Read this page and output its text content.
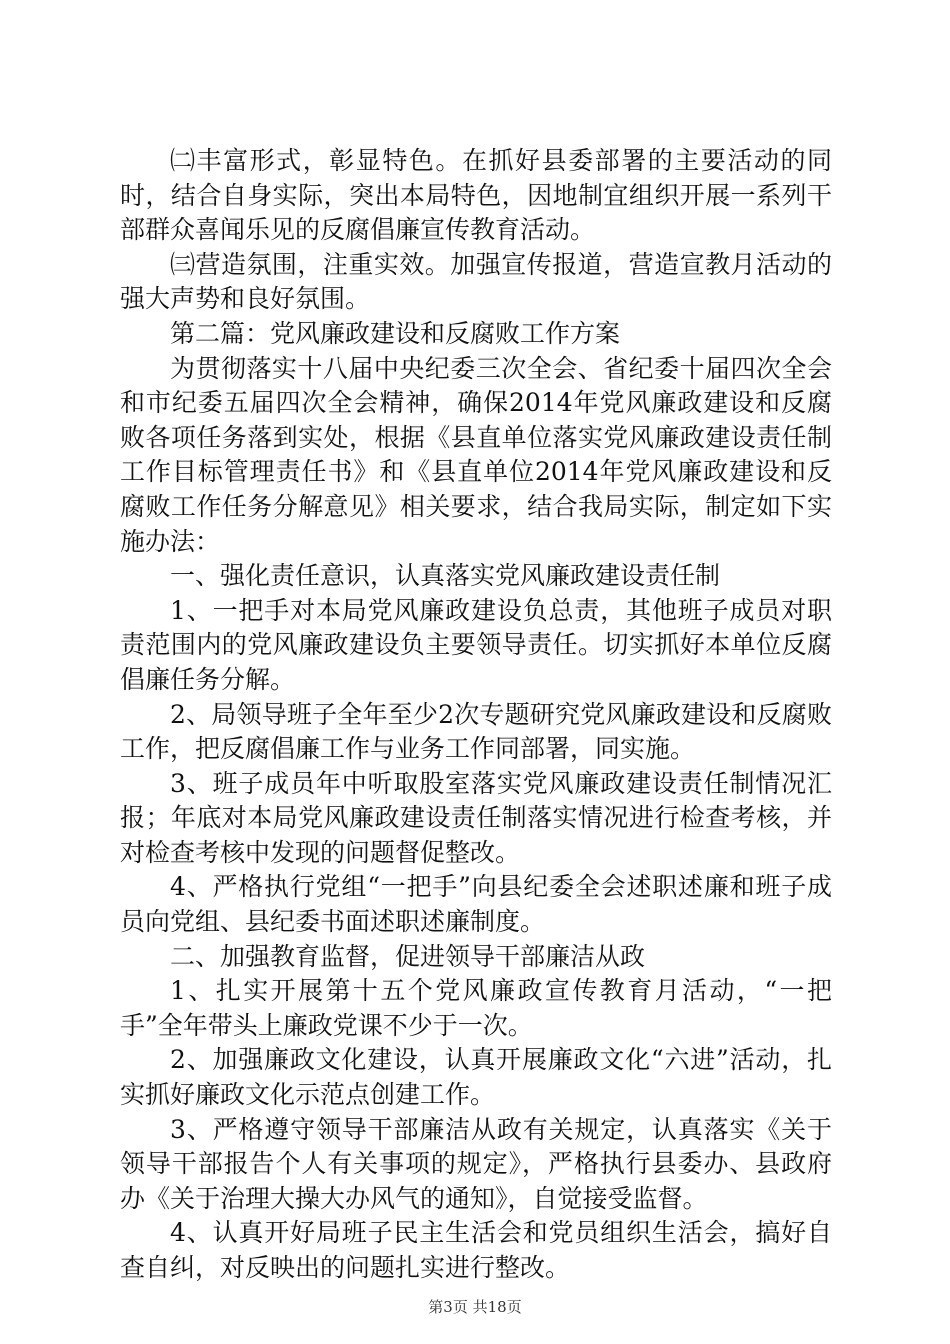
㈡丰富形式，彰显特色。在抓好县委部署的主要活动的同时，结合自身实际，突出本局特色，因地制宜组织开展一系列干部群众喜闻乐见的反腐倡廉宣传教育活动。

㈢营造氛围，注重实效。加强宣传报道，营造宣教月活动的强大声势和良好氛围。

第二篇：党风廉政建设和反腐败工作方案

为贯彻落实十八届中央纪委三次全会、省纪委十届四次全会和市纪委五届四次全会精神，确保2014年党风廉政建设和反腐败各项任务落到实处，根据《县直单位落实党风廉政建设责任制工作目标管理责任书》和《县直单位2014年党风廉政建设和反腐败工作任务分解意见》相关要求，结合我局实际，制定如下实施办法：

一、强化责任意识，认真落实党风廉政建设责任制

1、一把手对本局党风廉政建设负总责，其他班子成员对职责范围内的党风廉政建设负主要领导责任。切实抓好本单位反腐倡廉任务分解。

2、局领导班子全年至少2次专题研究党风廉政建设和反腐败工作，把反腐倡廉工作与业务工作同部署，同实施。

3、班子成员年中听取股室落实党风廉政建设责任制情况汇报；年底对本局党风廉政建设责任制落实情况进行检查考核，并对检查考核中发现的问题督促整改。

4、严格执行党组“一把手”向县纪委全会述职述廉和班子成员向党组、县纪委书面述职述廉制度。

二、加强教育监督，促进领导干部廉洁从政

1、扎实开展第十五个党风廉政宣传教育月活动，“一把手”全年带头上廉政党课不少于一次。

2、加强廉政文化建设，认真开展廉政文化“六进”活动，扎实抓好廉政文化示范点创建工作。

3、严格遵守领导干部廉洁从政有关规定，认真落实《关于领导干部报告个人有关事项的规定》，严格执行县委办、县政府办《关于治理大操大办风气的通知》，自觉接受监督。

4、认真开好局班子民主生活会和党员组织生活会，搞好自查自纠，对反映出的问题扎实进行整改。

第3页 共18页
